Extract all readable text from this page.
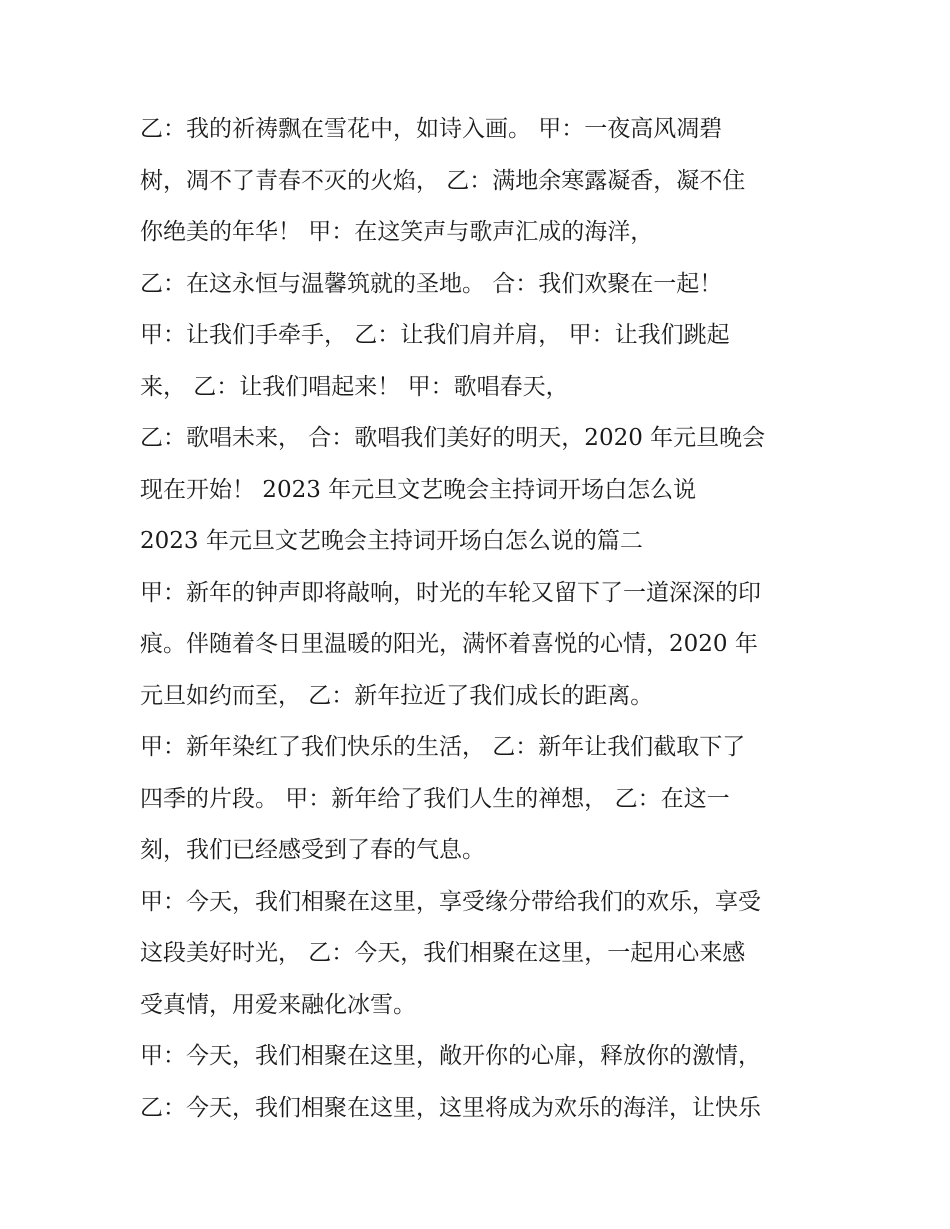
乙：我的祈祷飘在雪花中，如诗入画。 甲：一夜高风凋碧
树，凋不了青春不灭的火焰， 乙：满地余寒露凝香，凝不住
你绝美的年华！ 甲：在这笑声与歌声汇成的海洋，
乙：在这永恒与温馨筑就的圣地。 合：我们欢聚在一起！
甲：让我们手牵手， 乙：让我们肩并肩， 甲：让我们跳起
来， 乙：让我们唱起来！ 甲：歌唱春天，
乙：歌唱未来， 合：歌唱我们美好的明天，2020 年元旦晚会
现在开始！ 2023 年元旦文艺晚会主持词开场白怎么说
2023 年元旦文艺晚会主持词开场白怎么说的篇二
甲：新年的钟声即将敲响，时光的车轮又留下了一道深深的印
痕。伴随着冬日里温暖的阳光，满怀着喜悦的心情，2020 年
元旦如约而至， 乙：新年拉近了我们成长的距离。
甲：新年染红了我们快乐的生活， 乙：新年让我们截取下了
四季的片段。 甲：新年给了我们人生的禅想， 乙：在这一
刻，我们已经感受到了春的气息。
甲：今天，我们相聚在这里，享受缘分带给我们的欢乐，享受
这段美好时光， 乙：今天，我们相聚在这里，一起用心来感
受真情，用爱来融化冰雪。
甲：今天，我们相聚在这里，敞开你的心扉，释放你的激情，
乙：今天，我们相聚在这里，这里将成为欢乐的海洋，让快乐
